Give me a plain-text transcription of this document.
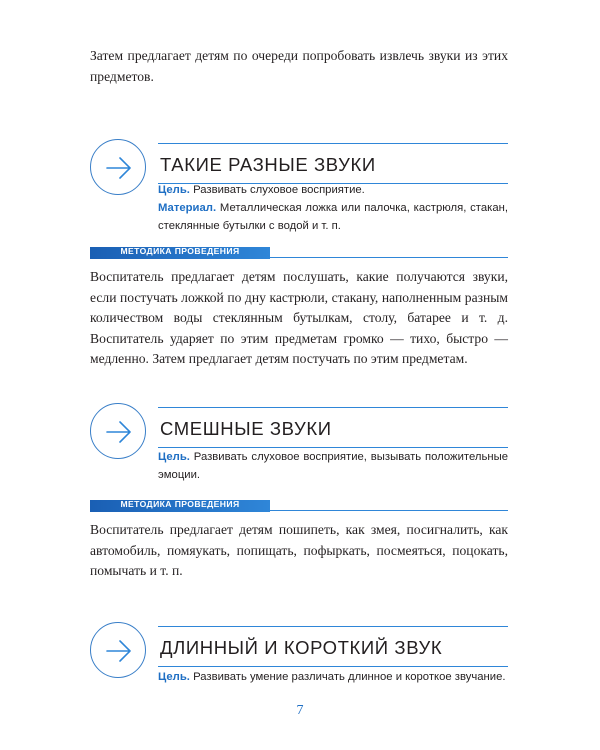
Затем предлагает детям по очереди попробовать извлечь звуки из этих предметов.

ТАКИЕ РАЗНЫЕ ЗВУКИ
Цель. Развивать слуховое восприятие.
Материал. Металлическая ложка или палочка, кастрюля, стакан, стеклянные бутылки с водой и т. п.
МЕТОДИКА ПРОВЕДЕНИЯ

Воспитатель предлагает детям послушать, какие получаются звуки, если постучать ложкой по дну кастрюли, стакану, наполненным разным количеством воды стеклянным бутылкам, столу, батарее и т. д. Воспитатель ударяет по этим предметам громко — тихо, быстро — медленно. Затем предлагает детям постучать по этим предметам.

СМЕШНЫЕ ЗВУКИ
Цель. Развивать слуховое восприятие, вызывать положительные эмоции.
МЕТОДИКА ПРОВЕДЕНИЯ

Воспитатель предлагает детям пошипеть, как змея, посигналить, как автомобиль, помяукать, попищать, пофыркать, посмеяться, поцокать, помычать и т. п.

ДЛИННЫЙ И КОРОТКИЙ ЗВУК
Цель. Развивать умение различать длинное и короткое звучание.
7
